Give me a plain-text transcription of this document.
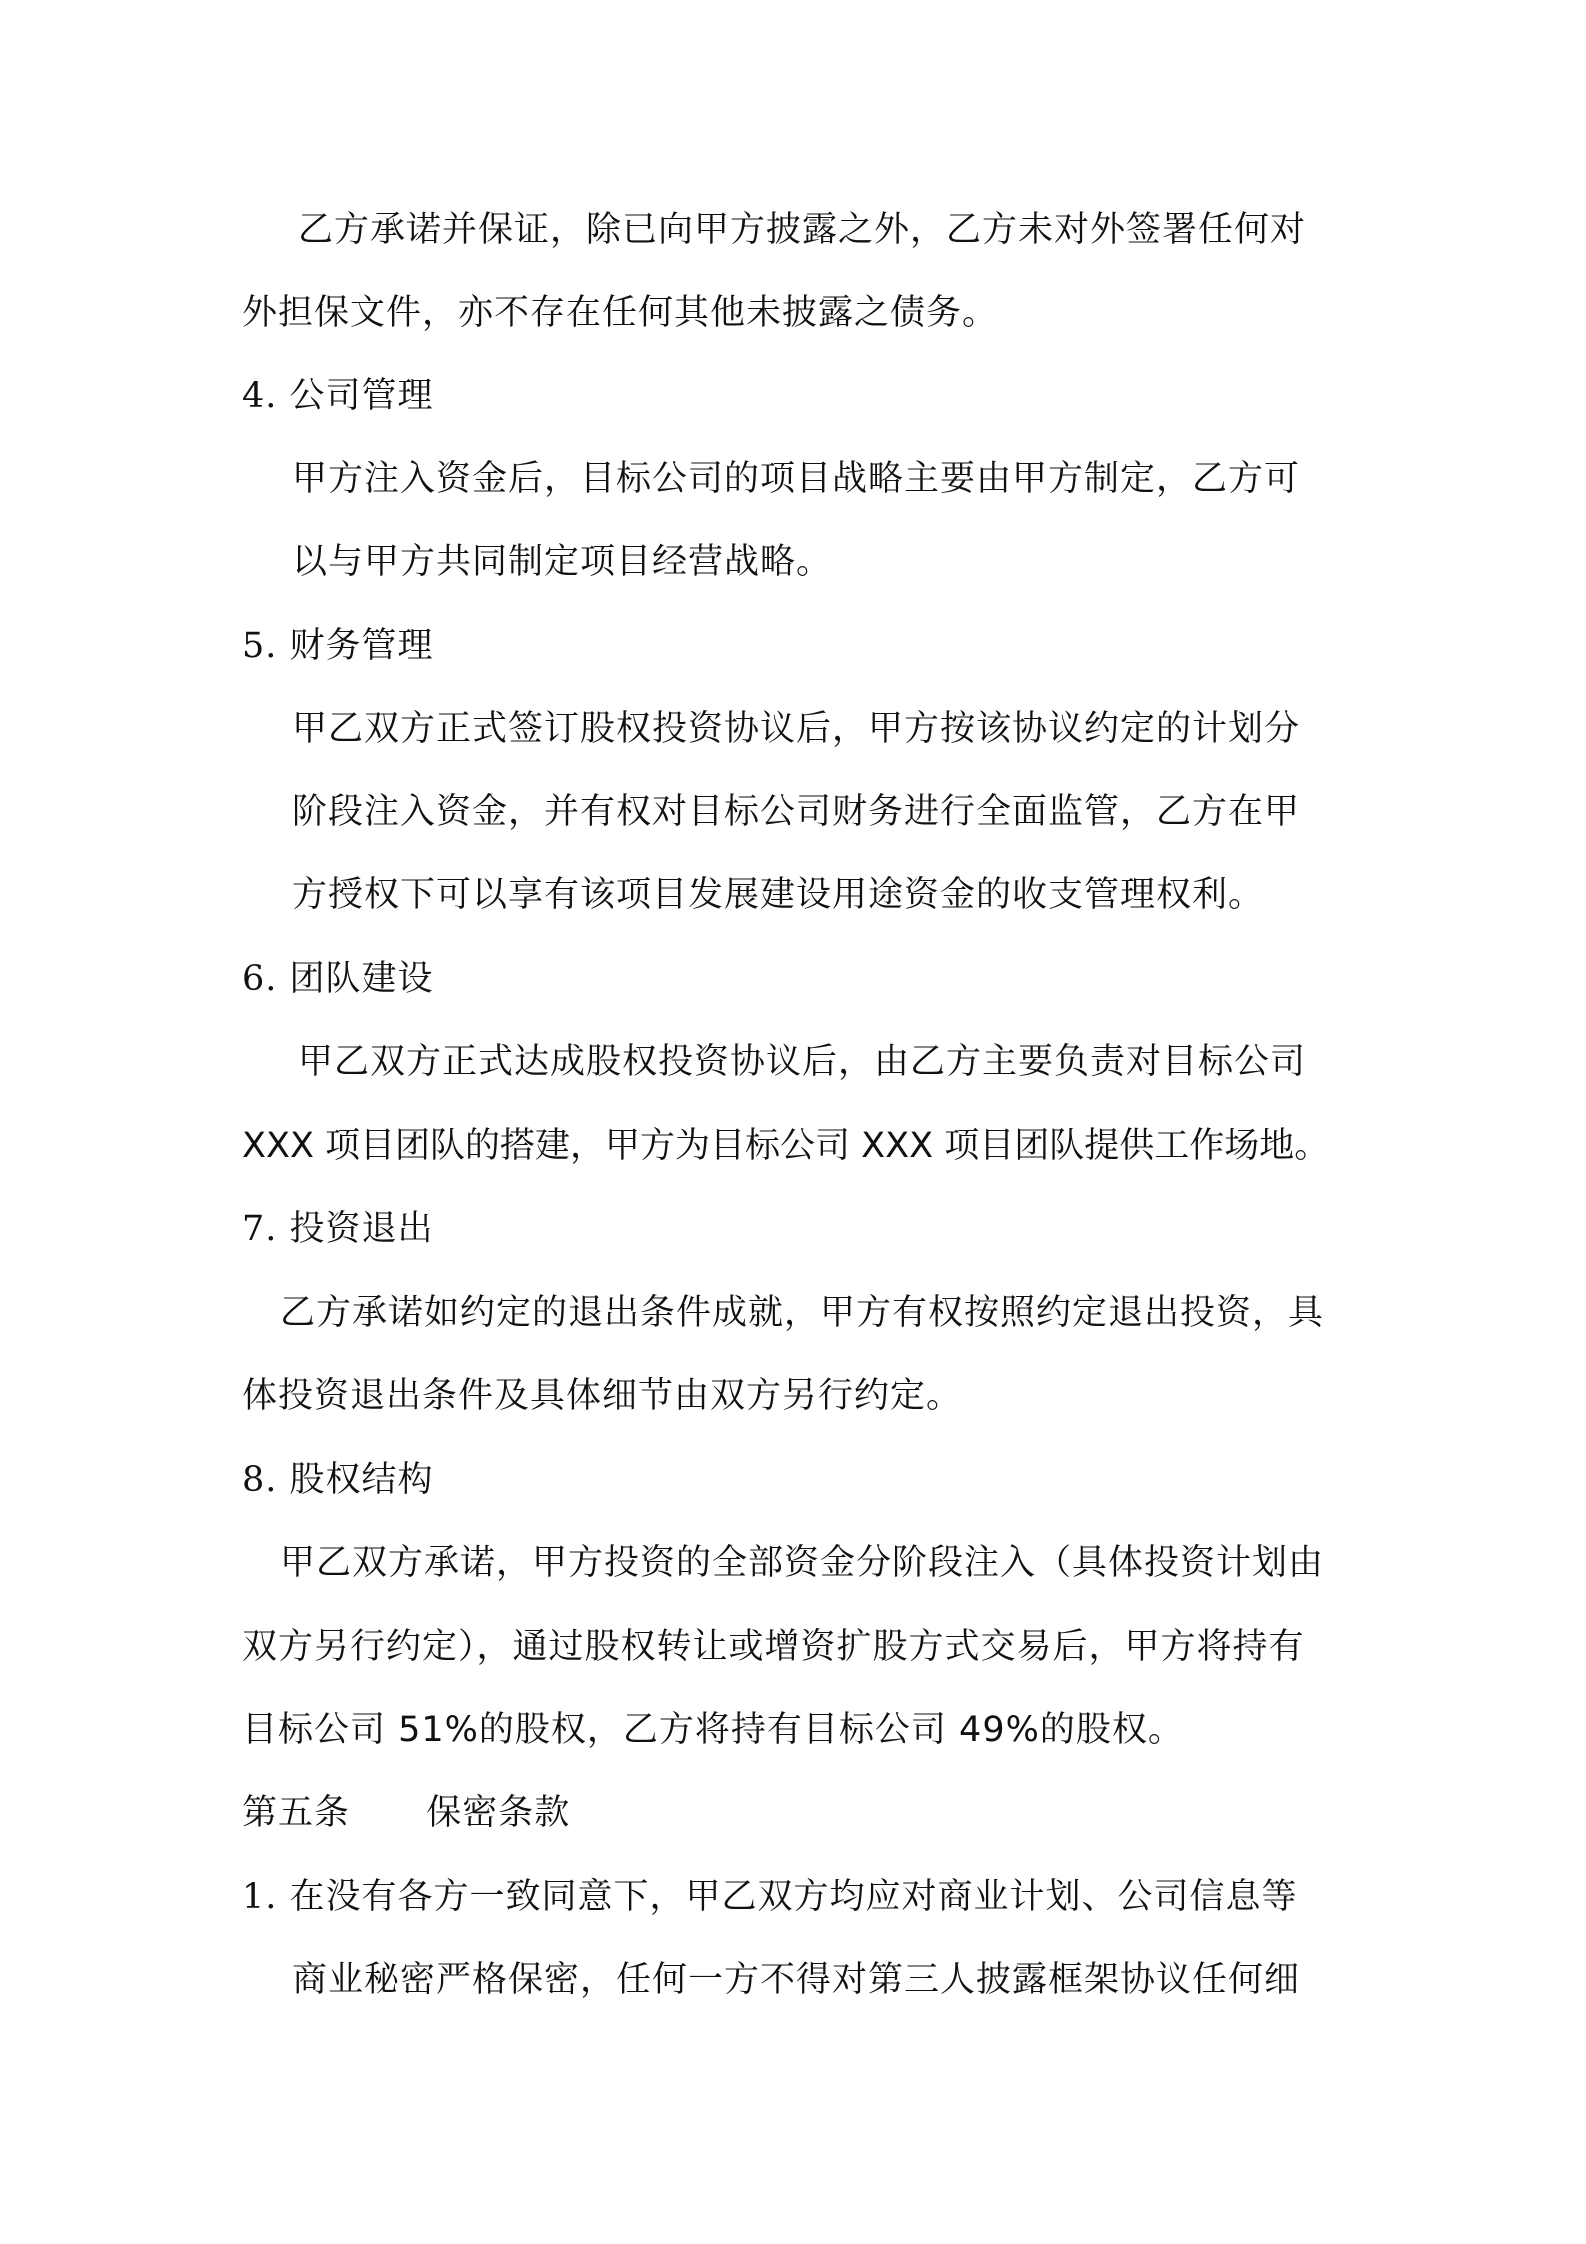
乙方承诺并保证，除已向甲方披露之外，乙方未对外签署任何对
外担保文件，亦不存在任何其他未披露之债务。
4. 公司管理
甲方注入资金后，目标公司的项目战略主要由甲方制定，乙方可
以与甲方共同制定项目经营战略。
5. 财务管理
甲乙双方正式签订股权投资协议后，甲方按该协议约定的计划分
阶段注入资金，并有权对目标公司财务进行全面监管，乙方在甲
方授权下可以享有该项目发展建设用途资金的收支管理权利。
6. 团队建设
甲乙双方正式达成股权投资协议后，由乙方主要负责对目标公司
XXX 项目团队的搭建，甲方为目标公司 XXX 项目团队提供工作场地。
7. 投资退出
乙方承诺如约定的退出条件成就，甲方有权按照约定退出投资，具
体投资退出条件及具体细节由双方另行约定。
8. 股权结构
甲乙双方承诺，甲方投资的全部资金分阶段注入（具体投资计划由
双方另行约定），通过股权转让或增资扩股方式交易后，甲方将持有
目标公司 51%的股权，乙方将持有目标公司 49%的股权。
第五条 保密条款
1. 在没有各方一致同意下，甲乙双方均应对商业计划、公司信息等
商业秘密严格保密，任何一方不得对第三人披露框架协议任何细
